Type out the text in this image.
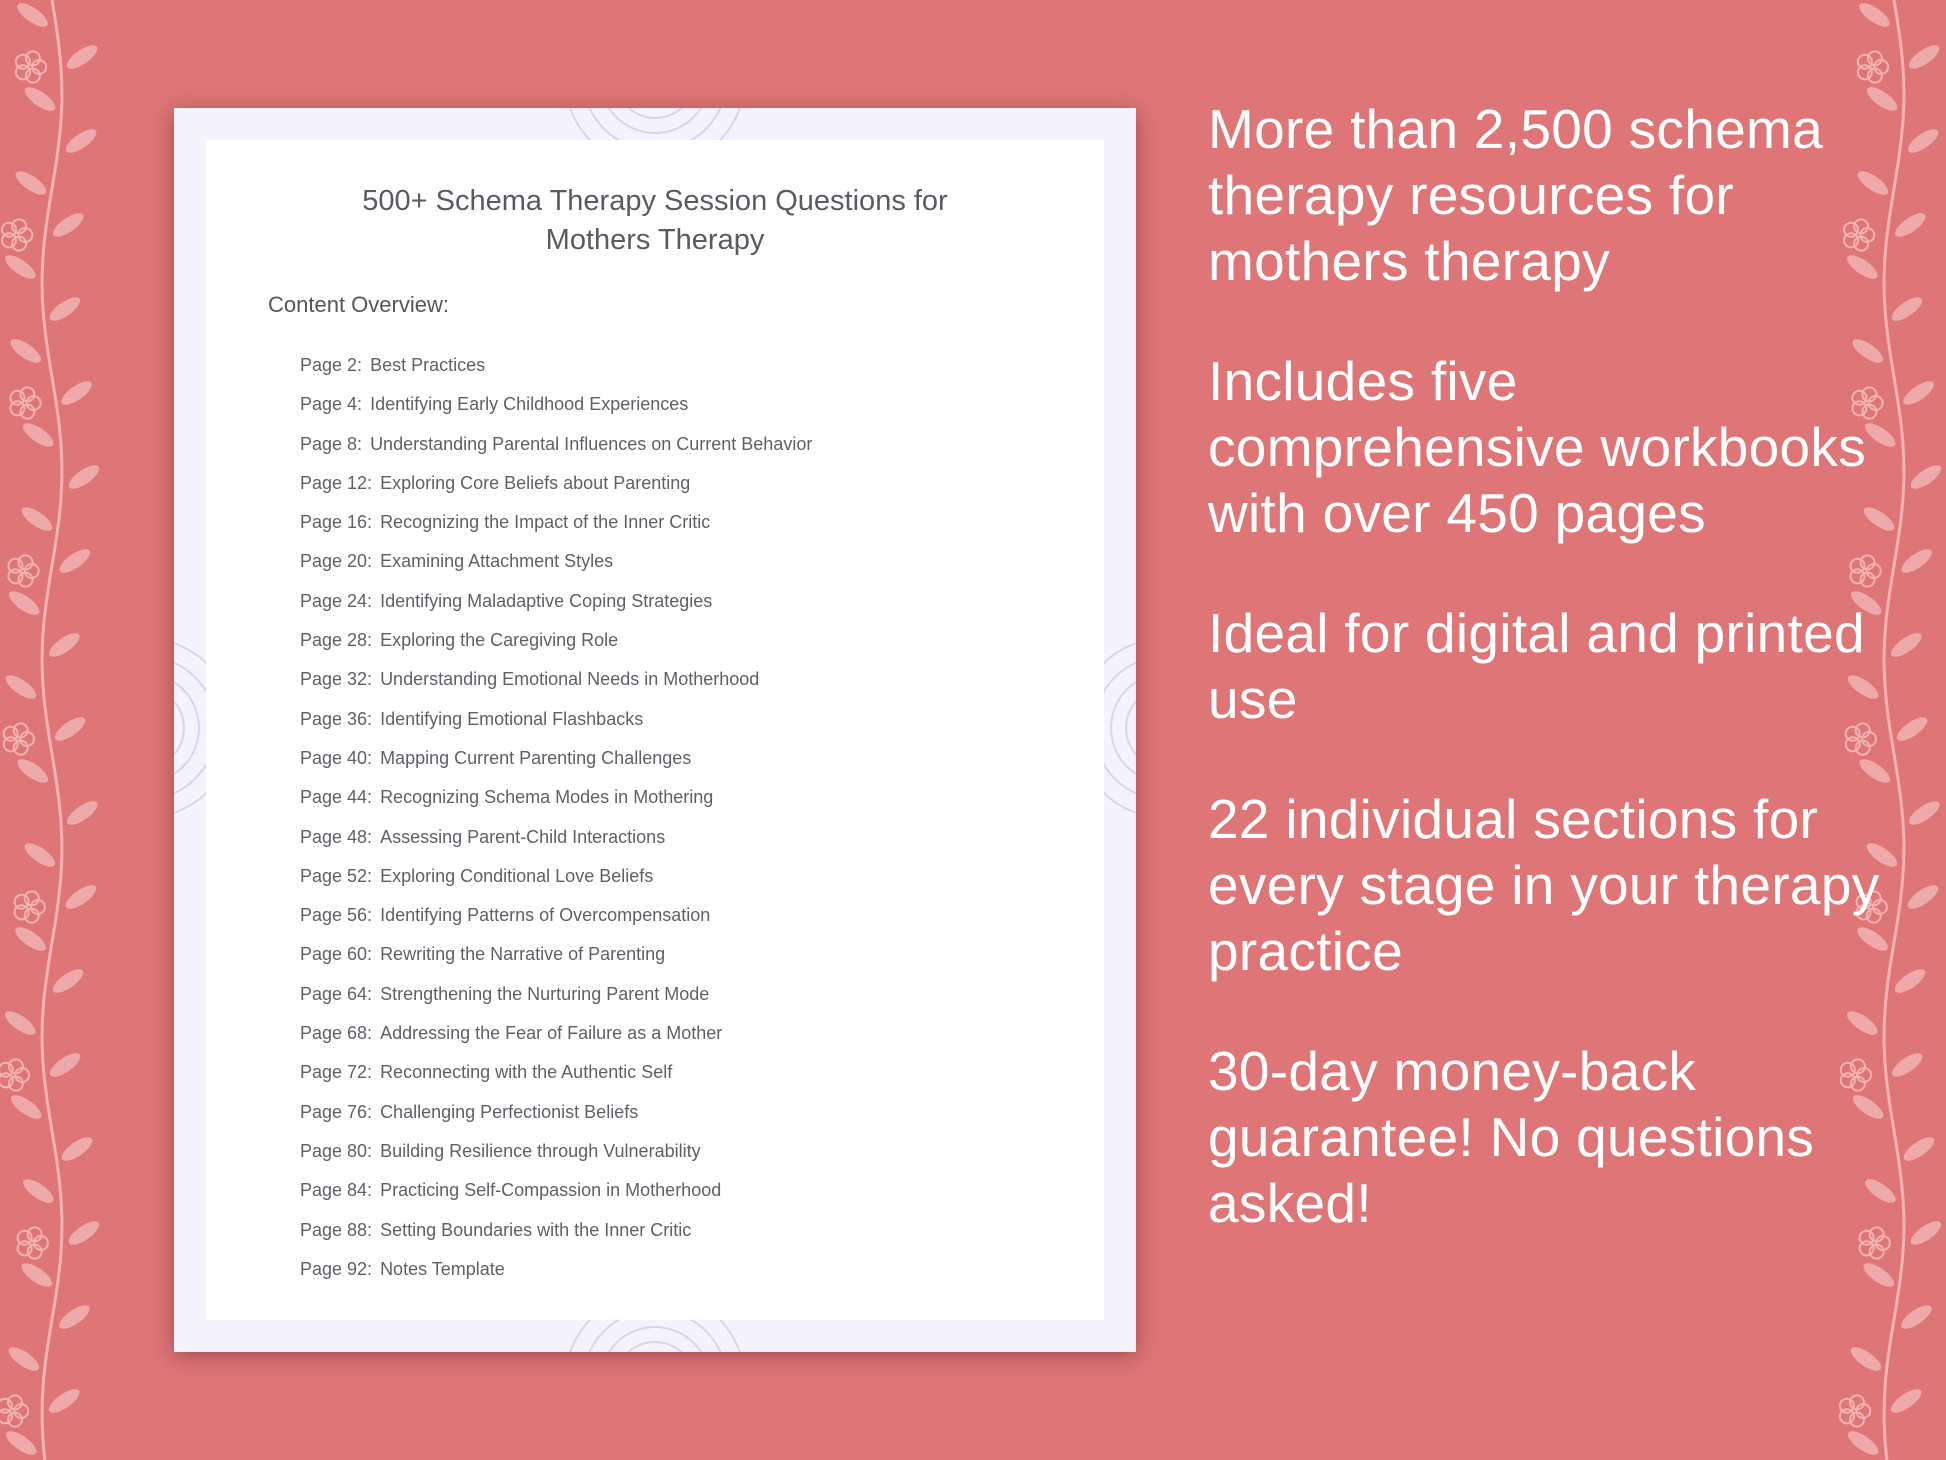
500+ Schema Therapy Session Questions for
Mothers Therapy
Content Overview:
Page 2: Best Practices
Page 4: Identifying Early Childhood Experiences
Page 8: Understanding Parental Influences on Current Behavior
Page 12: Exploring Core Beliefs about Parenting
Page 16: Recognizing the Impact of the Inner Critic
Page 20: Examining Attachment Styles
Page 24: Identifying Maladaptive Coping Strategies
Page 28: Exploring the Caregiving Role
Page 32: Understanding Emotional Needs in Motherhood
Page 36: Identifying Emotional Flashbacks
Page 40: Mapping Current Parenting Challenges
Page 44: Recognizing Schema Modes in Mothering
Page 48: Assessing Parent-Child Interactions
Page 52: Exploring Conditional Love Beliefs
Page 56: Identifying Patterns of Overcompensation
Page 60: Rewriting the Narrative of Parenting
Page 64: Strengthening the Nurturing Parent Mode
Page 68: Addressing the Fear of Failure as a Mother
Page 72: Reconnecting with the Authentic Self
Page 76: Challenging Perfectionist Beliefs
Page 80: Building Resilience through Vulnerability
Page 84: Practicing Self-Compassion in Motherhood
Page 88: Setting Boundaries with the Inner Critic
Page 92: Notes Template
More than 2,500 schema therapy resources for mothers therapy
Includes five comprehensive workbooks with over 450 pages
Ideal for digital and printed use
22 individual sections for every stage in your therapy practice
30-day money-back guarantee! No questions asked!
